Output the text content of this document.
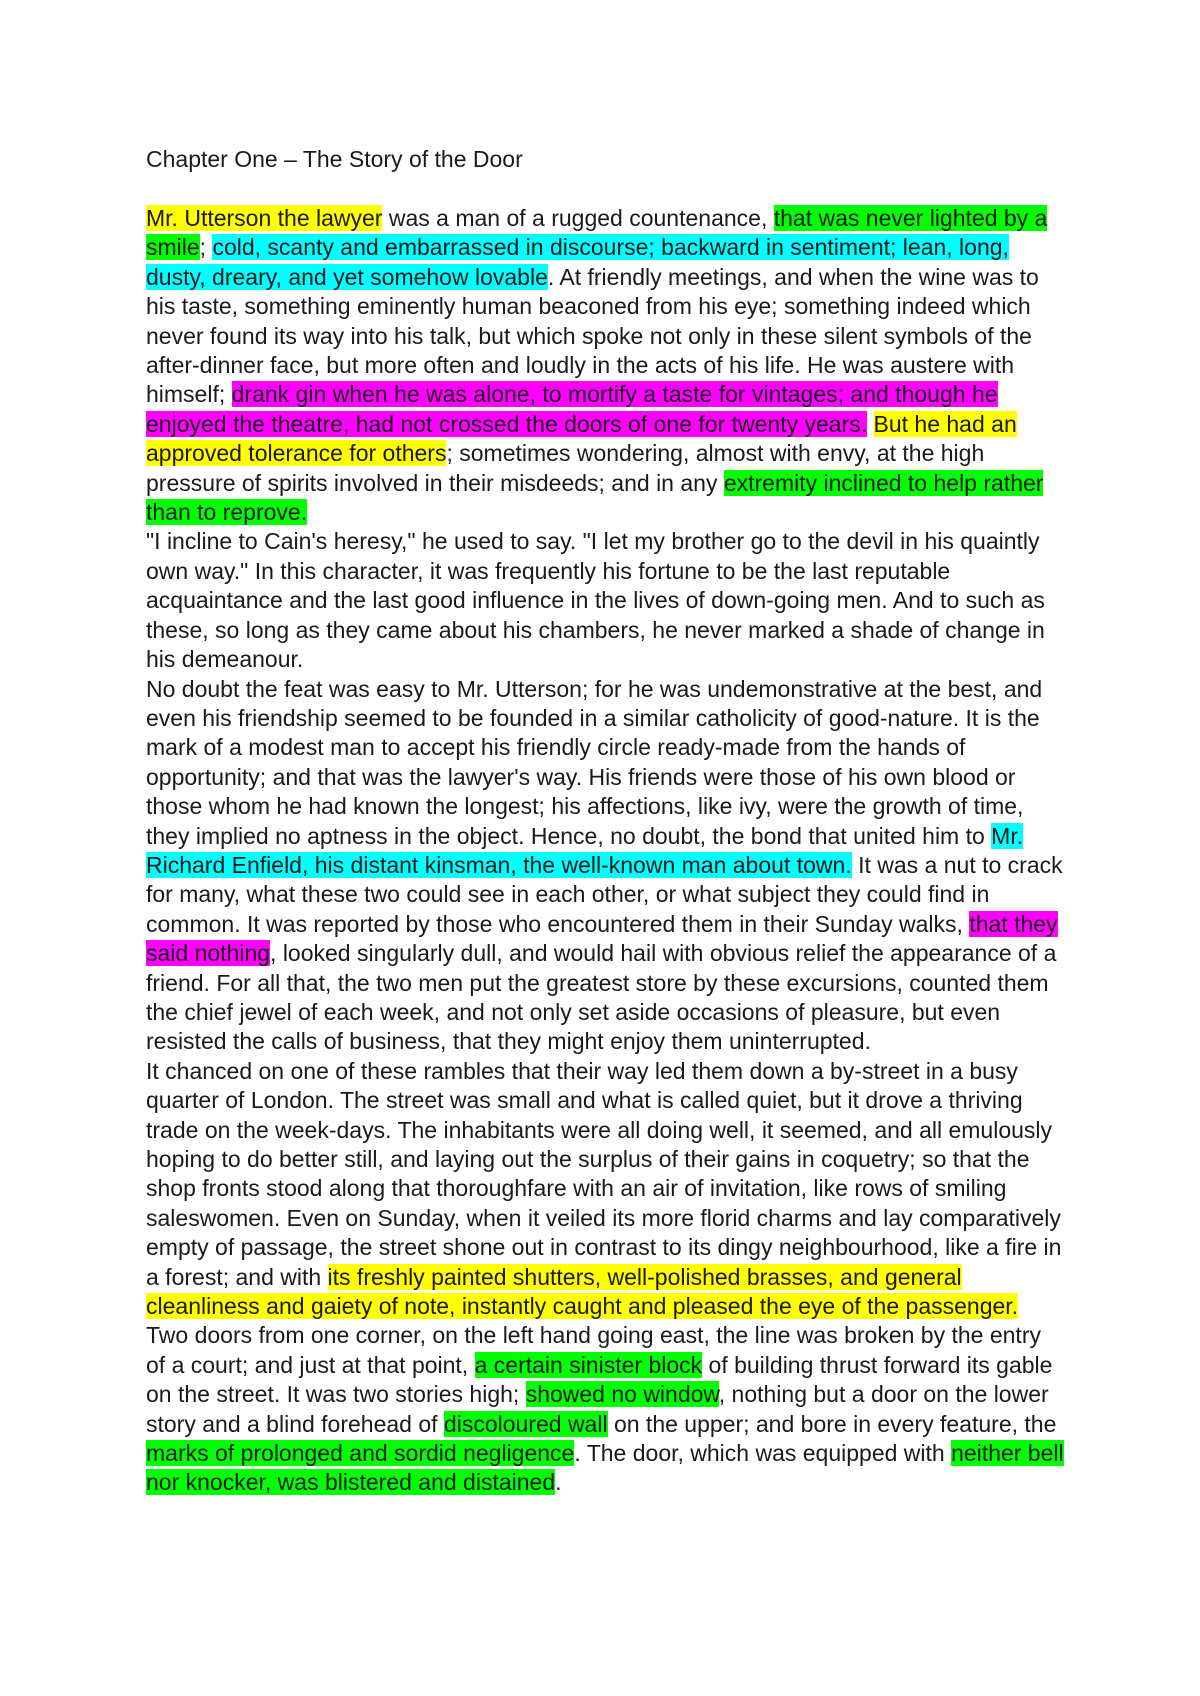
Chapter One – The Story of the Door

Mr. Utterson the lawyer was a man of a rugged countenance, that was never lighted by a smile; cold, scanty and embarrassed in discourse; backward in sentiment; lean, long, dusty, dreary, and yet somehow lovable. At friendly meetings, and when the wine was to his taste, something eminently human beaconed from his eye; something indeed which never found its way into his talk, but which spoke not only in these silent symbols of the after-dinner face, but more often and loudly in the acts of his life. He was austere with himself; drank gin when he was alone, to mortify a taste for vintages; and though he enjoyed the theatre, had not crossed the doors of one for twenty years. But he had an approved tolerance for others; sometimes wondering, almost with envy, at the high pressure of spirits involved in their misdeeds; and in any extremity inclined to help rather than to reprove.

"I incline to Cain's heresy," he used to say. "I let my brother go to the devil in his quaintly own way." In this character, it was frequently his fortune to be the last reputable acquaintance and the last good influence in the lives of down-going men. And to such as these, so long as they came about his chambers, he never marked a shade of change in his demeanour.

No doubt the feat was easy to Mr. Utterson; for he was undemonstrative at the best, and even his friendship seemed to be founded in a similar catholicity of good-nature. It is the mark of a modest man to accept his friendly circle ready-made from the hands of opportunity; and that was the lawyer's way. His friends were those of his own blood or those whom he had known the longest; his affections, like ivy, were the growth of time, they implied no aptness in the object. Hence, no doubt, the bond that united him to Mr. Richard Enfield, his distant kinsman, the well-known man about town. It was a nut to crack for many, what these two could see in each other, or what subject they could find in common. It was reported by those who encountered them in their Sunday walks, that they said nothing, looked singularly dull, and would hail with obvious relief the appearance of a friend. For all that, the two men put the greatest store by these excursions, counted them the chief jewel of each week, and not only set aside occasions of pleasure, but even resisted the calls of business, that they might enjoy them uninterrupted.

It chanced on one of these rambles that their way led them down a by-street in a busy quarter of London. The street was small and what is called quiet, but it drove a thriving trade on the week-days. The inhabitants were all doing well, it seemed, and all emulously hoping to do better still, and laying out the surplus of their gains in coquetry; so that the shop fronts stood along that thoroughfare with an air of invitation, like rows of smiling saleswomen. Even on Sunday, when it veiled its more florid charms and lay comparatively empty of passage, the street shone out in contrast to its dingy neighbourhood, like a fire in a forest; and with its freshly painted shutters, well-polished brasses, and general cleanliness and gaiety of note, instantly caught and pleased the eye of the passenger.

Two doors from one corner, on the left hand going east, the line was broken by the entry of a court; and just at that point, a certain sinister block of building thrust forward its gable on the street. It was two stories high; showed no window, nothing but a door on the lower story and a blind forehead of discoloured wall on the upper; and bore in every feature, the marks of prolonged and sordid negligence. The door, which was equipped with neither bell nor knocker, was blistered and distained.
